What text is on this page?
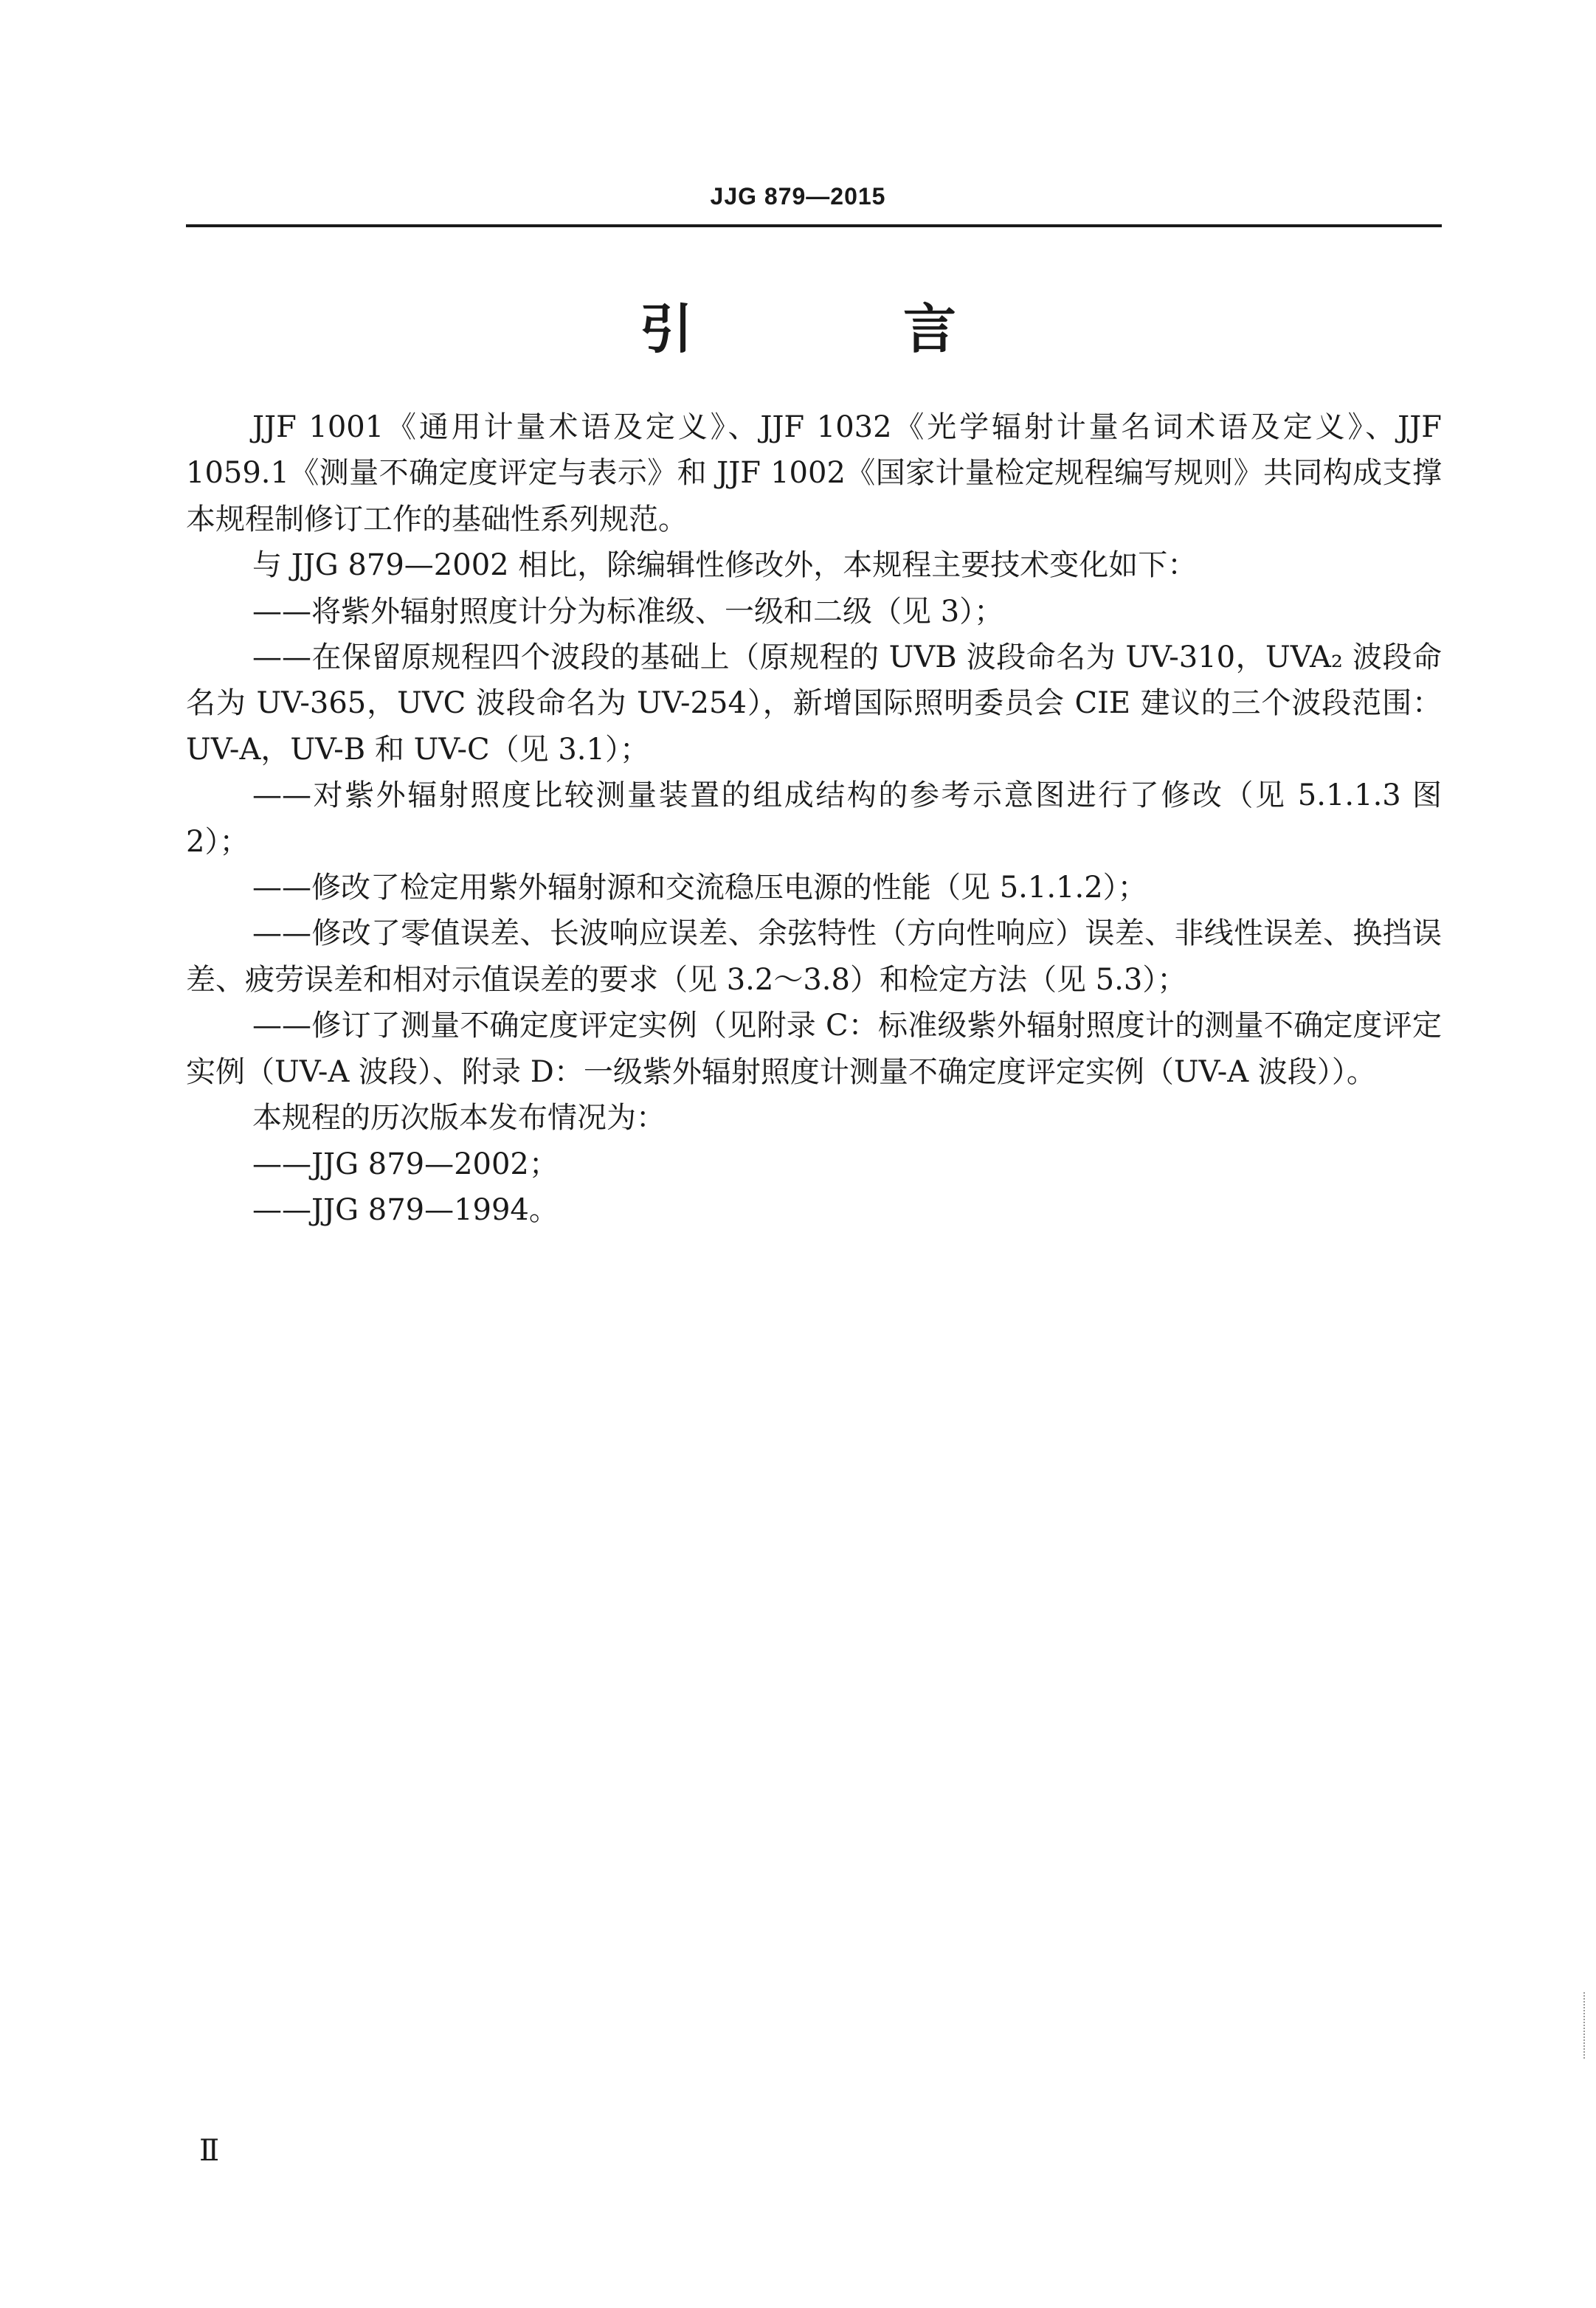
JJG 879—2015
引 言

JJF 1001《通用计量术语及定义》、JJF 1032《光学辐射计量名词术语及定义》、JJF 1059.1《测量不确定度评定与表示》和 JJF 1002《国家计量检定规程编写规则》共同构成支撑本规程制修订工作的基础性系列规范。

与 JJG 879—2002 相比，除编辑性修改外，本规程主要技术变化如下：

——将紫外辐射照度计分为标准级、一级和二级（见 3）；

——在保留原规程四个波段的基础上（原规程的 UVB 波段命名为 UV-310，UVA₂ 波段命名为 UV-365，UVC 波段命名为 UV-254），新增国际照明委员会 CIE 建议的三个波段范围：UV-A，UV-B 和 UV-C（见 3.1）；

——对紫外辐射照度比较测量装置的组成结构的参考示意图进行了修改（见 5.1.1.3 图 2）；

——修改了检定用紫外辐射源和交流稳压电源的性能（见 5.1.1.2）；

——修改了零值误差、长波响应误差、余弦特性（方向性响应）误差、非线性误差、换挡误差、疲劳误差和相对示值误差的要求（见 3.2～3.8）和检定方法（见 5.3）；

——修订了测量不确定度评定实例（见附录 C：标准级紫外辐射照度计的测量不确定度评定实例（UV-A 波段）、附录 D：一级紫外辐射照度计测量不确定度评定实例（UV-A 波段））。

本规程的历次版本发布情况为：

——JJG 879—2002；

——JJG 879—1994。

Ⅱ
